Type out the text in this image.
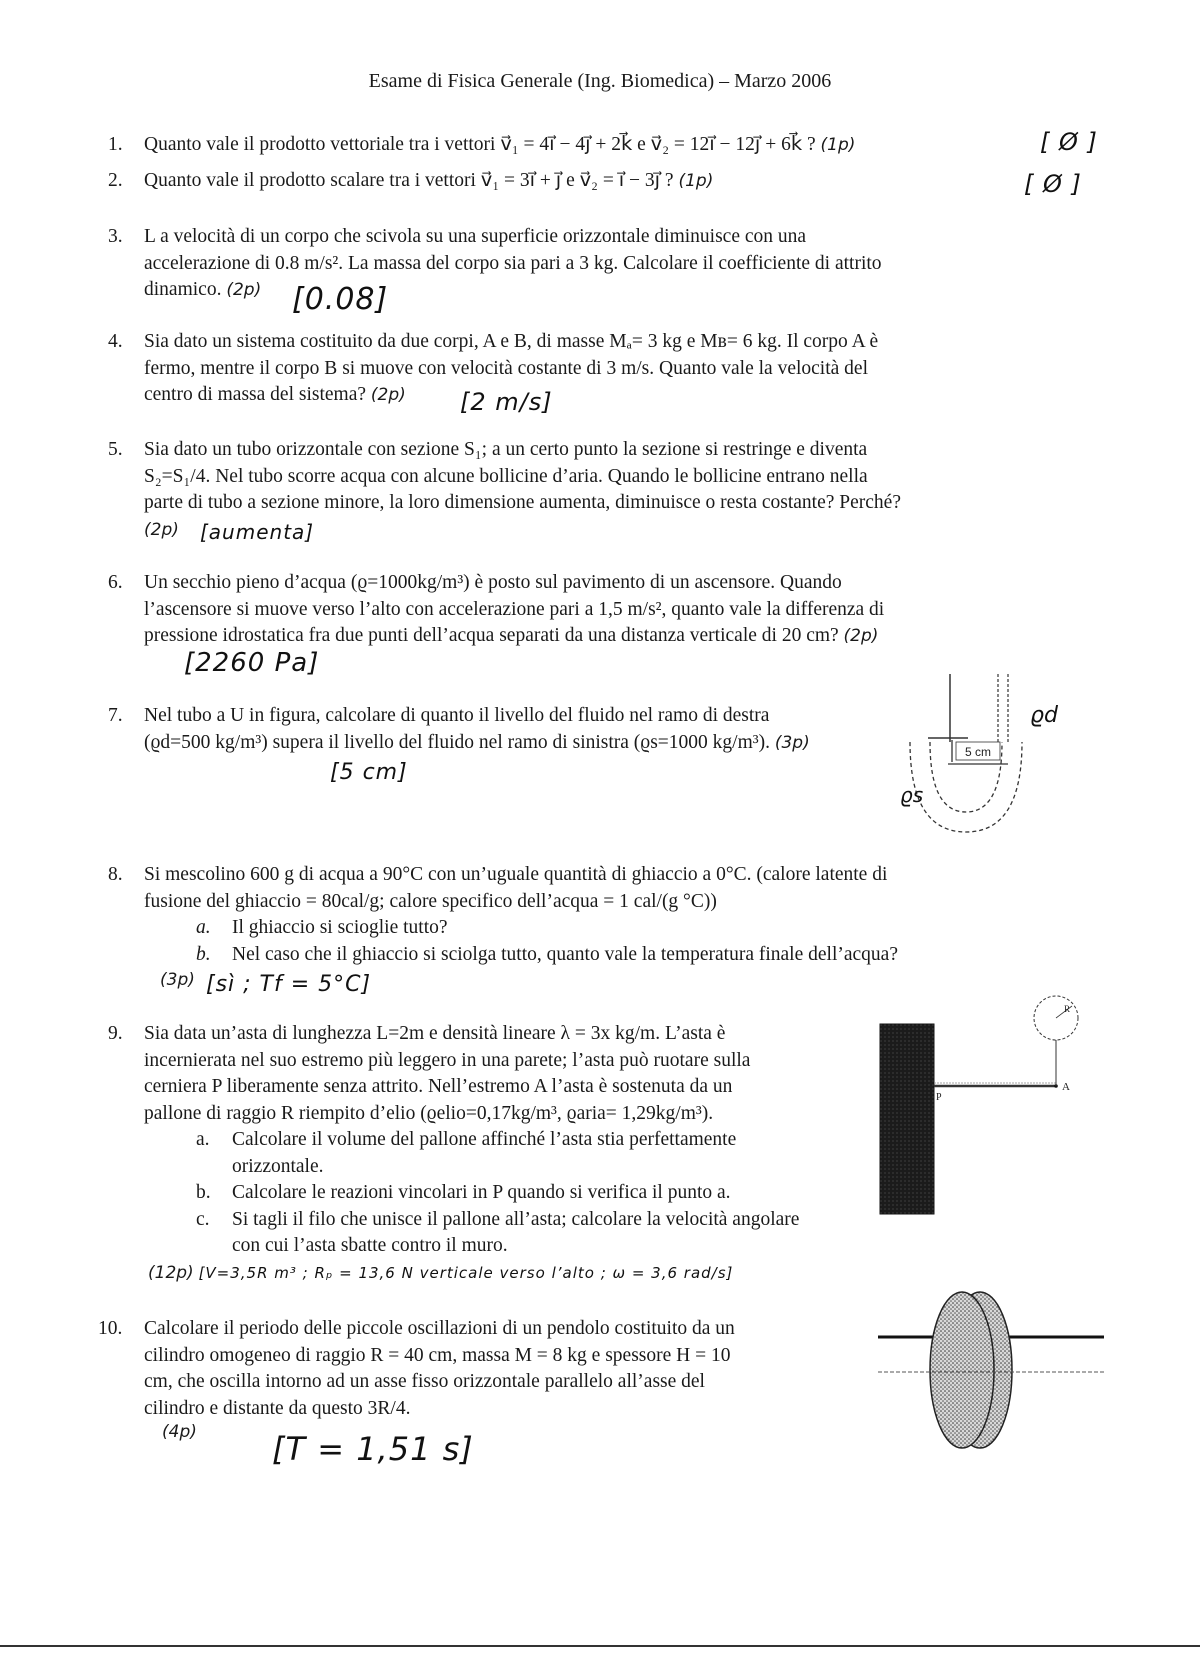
Esame di Fisica Generale (Ing. Biomedica) – Marzo 2006
1. Quanto vale il prodotto vettoriale tra i vettori v⃗₁ = 4i⃗ − 4j⃗ + 2k⃗ e v⃗₂ = 12i⃗ − 12j⃗ + 6k⃗ ? (1p)	[ Ø ]
2. Quanto vale il prodotto scalare tra i vettori v⃗₁ = 3i⃗ + j⃗ e v⃗₂ = i⃗ − 3j⃗ ? (1p)	[ Ø ]
3. L a velocità di un corpo che scivola su una superficie orizzontale diminuisce con una
accelerazione di 0.8 m/s². La massa del corpo sia pari a 3 kg. Calcolare il coefficiente di attrito
dinamico. (2p)	[0.08]
4. Sia dato un sistema costituito da due corpi, A e B, di masse Mₐ= 3 kg e Mʙ= 6 kg. Il corpo A è
fermo, mentre il corpo B si muove con velocità costante di 3 m/s. Quanto vale la velocità del
centro di massa del sistema? (2p)	[2 m/s]
5. Sia dato un tubo orizzontale con sezione S₁; a un certo punto la sezione si restringe e diventa
S₂=S₁/4. Nel tubo scorre acqua con alcune bollicine d’aria. Quando le bollicine entrano nella
parte di tubo a sezione minore, la loro dimensione aumenta, diminuisce o resta costante? Perché?
(2p) [aumenta]
6. Un secchio pieno d’acqua (ϱ=1000kg/m³) è posto sul pavimento di un ascensore. Quando
l’ascensore si muove verso l’alto con accelerazione pari a 1,5 m/s², quanto vale la differenza di
pressione idrostatica fra due punti dell’acqua separati da una distanza verticale di 20 cm? (2p)
[2260 Pa]
7. Nel tubo a U in figura, calcolare di quanto il livello del fluido nel ramo di destra
(ϱd=500 kg/m³) supera il livello del fluido nel ramo di sinistra (ϱs=1000 kg/m³). (3p)
[5 cm]
5 cm
ϱd
ϱs
8. Si mescolino 600 g di acqua a 90°C con un’uguale quantità di ghiaccio a 0°C. (calore latente di
fusione del ghiaccio = 80cal/g; calore specifico dell’acqua = 1 cal/(g °C))
a. Il ghiaccio si scioglie tutto?
b. Nel caso che il ghiaccio si sciolga tutto, quanto vale la temperatura finale dell’acqua?
(3p) [sì ; Tf = 5°C]
9. Sia data un’asta di lunghezza L=2m e densità lineare λ = 3x kg/m. L’asta è
incernierata nel suo estremo più leggero in una parete; l’asta può ruotare sulla
cerniera P liberamente senza attrito. Nell’estremo A l’asta è sostenuta da un
pallone di raggio R riempito d’elio (ϱelio=0,17kg/m³, ϱaria= 1,29kg/m³).
a. Calcolare il volume del pallone affinché l’asta stia perfettamente orizzontale.
b. Calcolare le reazioni vincolari in P quando si verifica il punto a.
c. Si tagli il filo che unisce il pallone all’asta; calcolare la velocità angolare con cui l’asta sbatte contro il muro.
(12p) [V=3,5R m³ ; Rₚ = 13,6 N verticale verso l’alto ; ω = 3,6 rad/s]
R
P
A
10. Calcolare il periodo delle piccole oscillazioni di un pendolo costituito da un
cilindro omogeneo di raggio R = 40 cm, massa M = 8 kg e spessore H = 10
cm, che oscilla intorno ad un asse fisso orizzontale parallelo all’asse del
cilindro e distante da questo 3R/4.
(4p) [T = 1,51 s]
